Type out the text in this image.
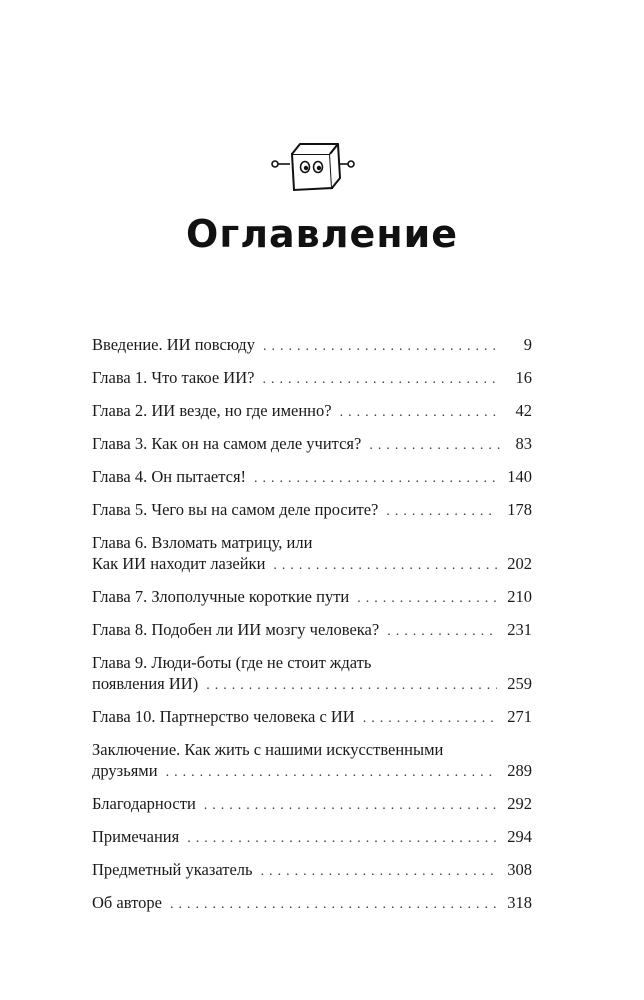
Оглавление
Введение. ИИ повсюду . . .	9
Глава 1. Что такое ИИ? . . .	16
Глава 2. ИИ везде, но где именно? . . .	42
Глава 3. Как он на самом деле учится? . . .	83
Глава 4. Он пытается! . . .	140
Глава 5. Чего вы на самом деле просите? . . .	178
Глава 6. Взломать матрицу, или
Как ИИ находит лазейки . . .	202
Глава 7. Злополучные короткие пути . . .	210
Глава 8. Подобен ли ИИ мозгу человека? . . .	231
Глава 9. Люди-боты (где не стоит ждать
появления ИИ) . . .	259
Глава 10. Партнерство человека с ИИ . . .	271
Заключение. Как жить с нашими искусственными
друзьями . . .	289
Благодарности . . .	292
Примечания . . .	294
Предметный указатель . . .	308
Об авторе . . .	318
